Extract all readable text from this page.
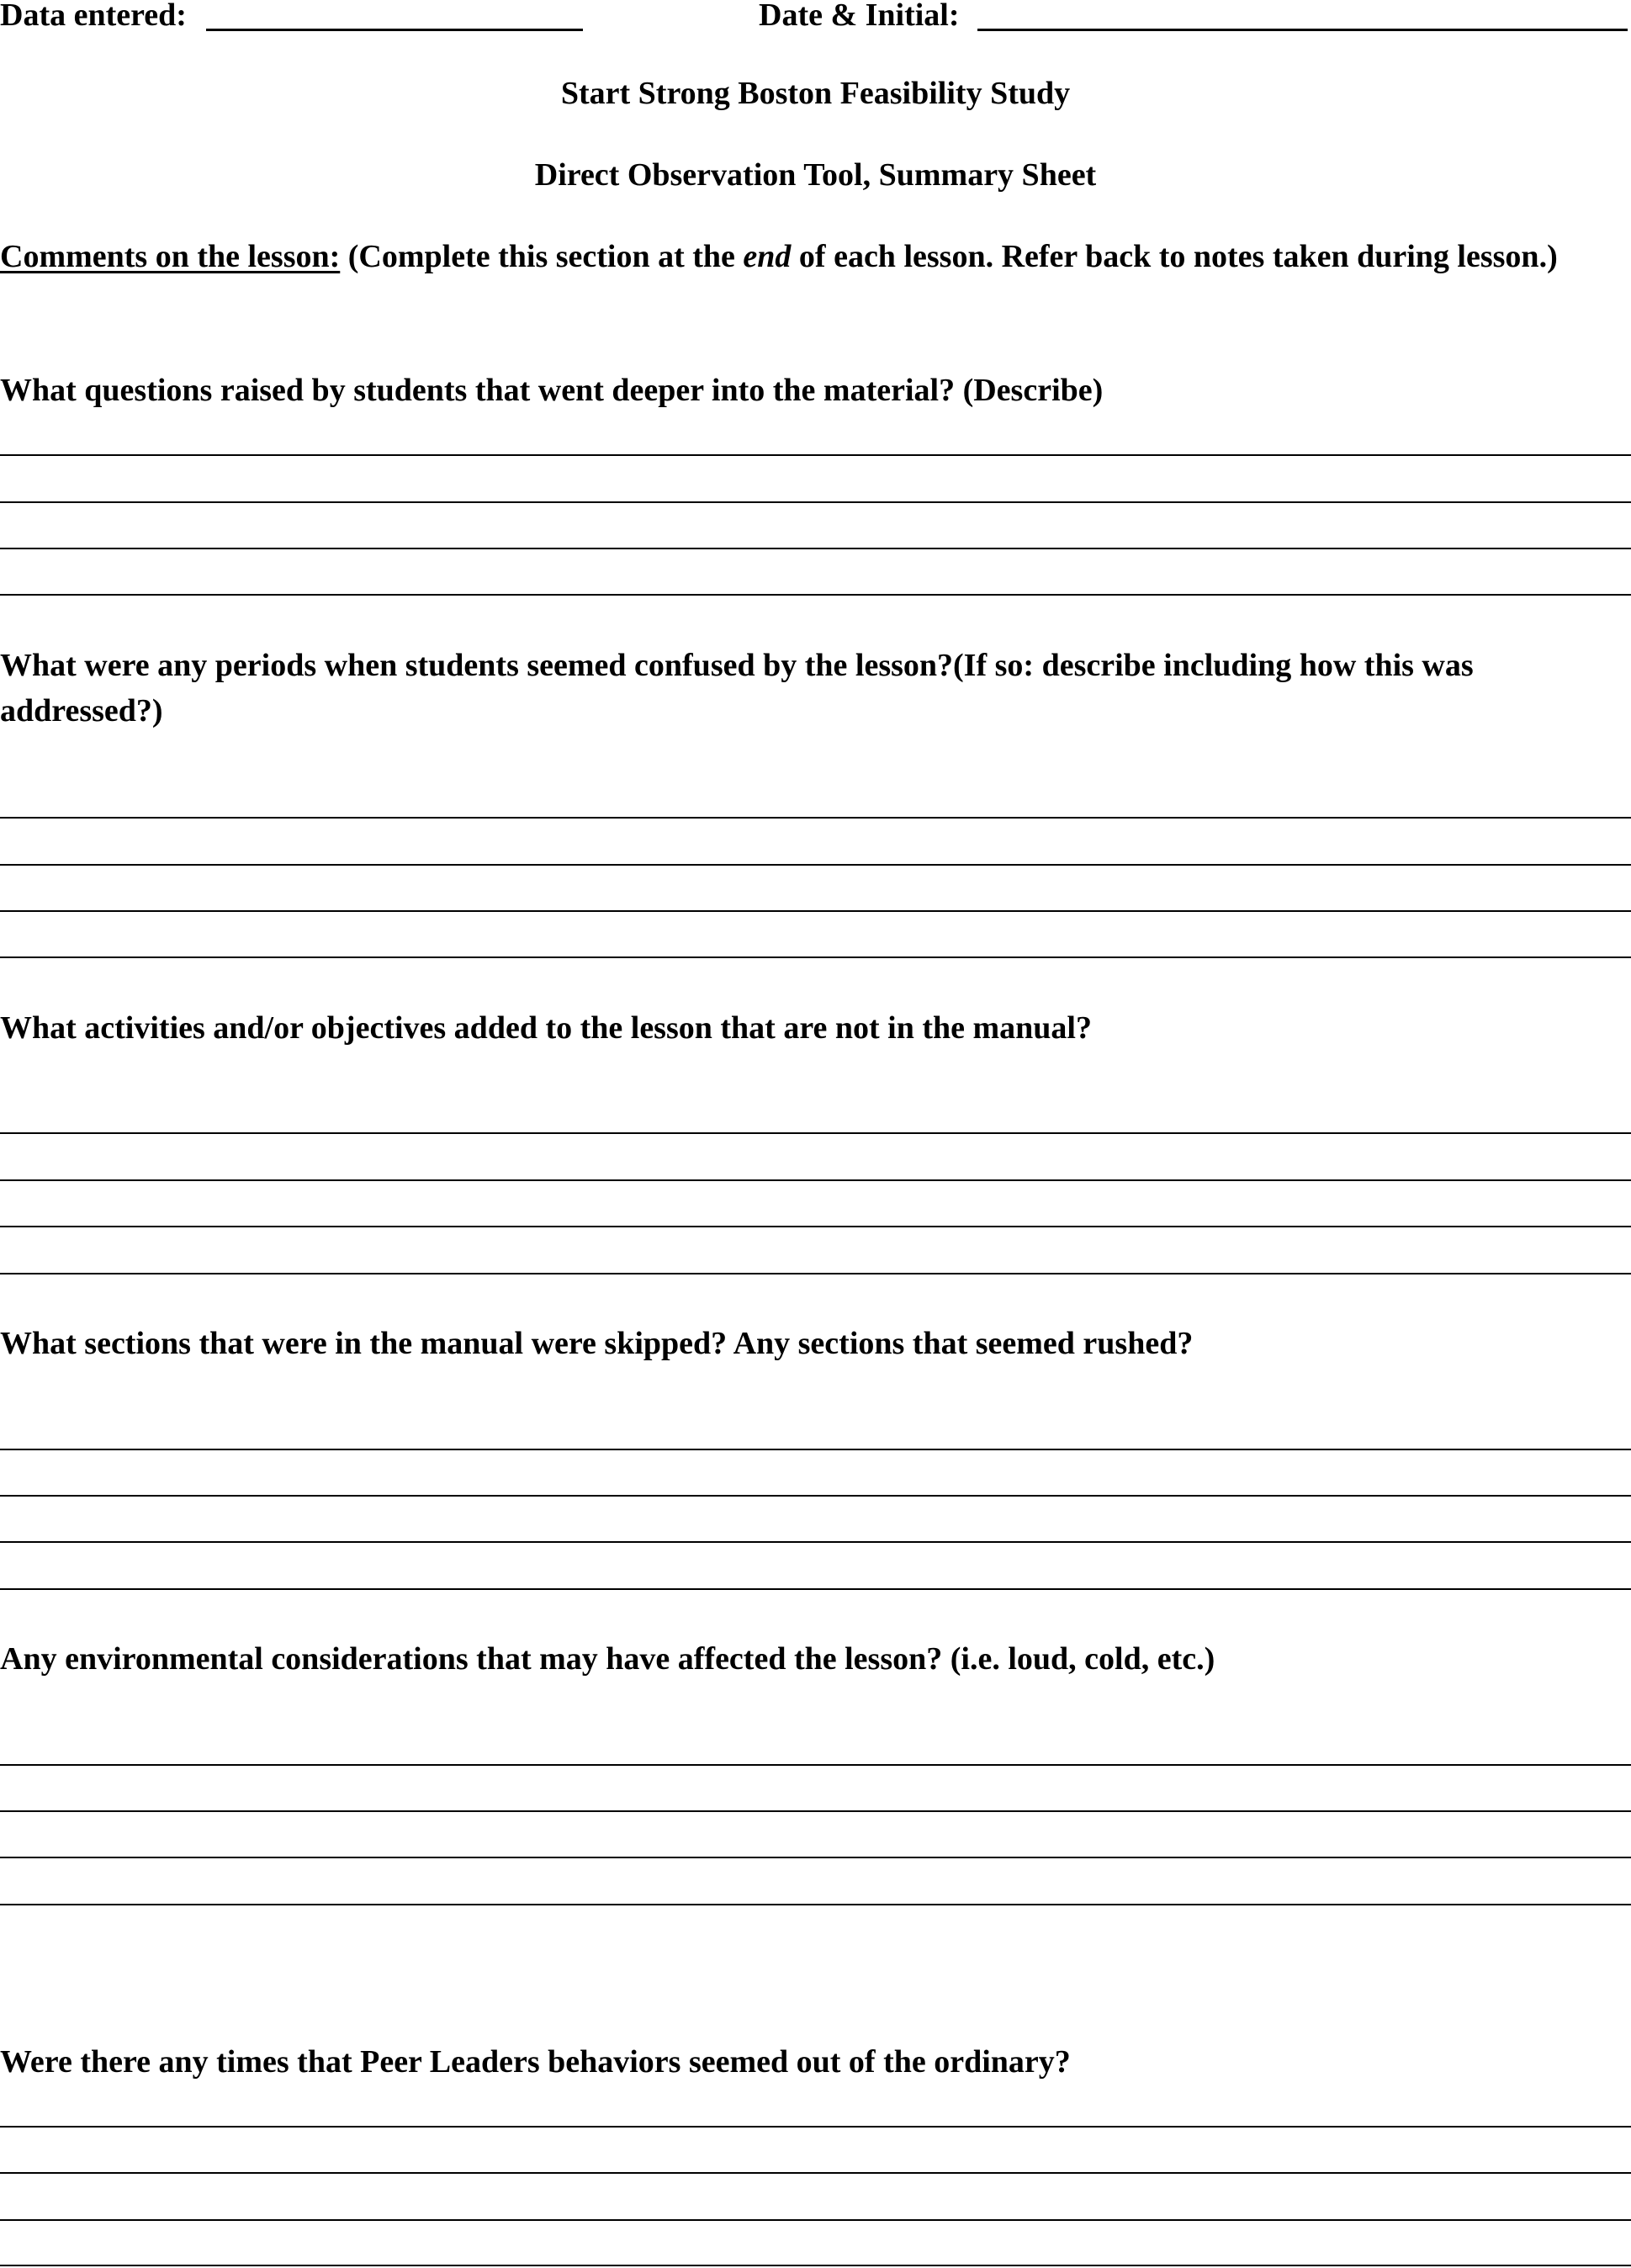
Data entered:	Date & Initial:
Start Strong Boston Feasibility Study
Direct Observation Tool, Summary Sheet
Comments on the lesson: (Complete this section at the end of each lesson. Refer back to notes taken during lesson.)
What questions raised by students that went deeper into the material? (Describe)
What were any periods when students seemed confused by the lesson?(If so: describe including how this was addressed?)
What activities and/or objectives added to the lesson that are not in the manual?
What sections that were in the manual were skipped? Any sections that seemed rushed?
Any environmental considerations that may have affected the lesson? (i.e. loud, cold, etc.)
Were there any times that Peer Leaders behaviors seemed out of the ordinary?
